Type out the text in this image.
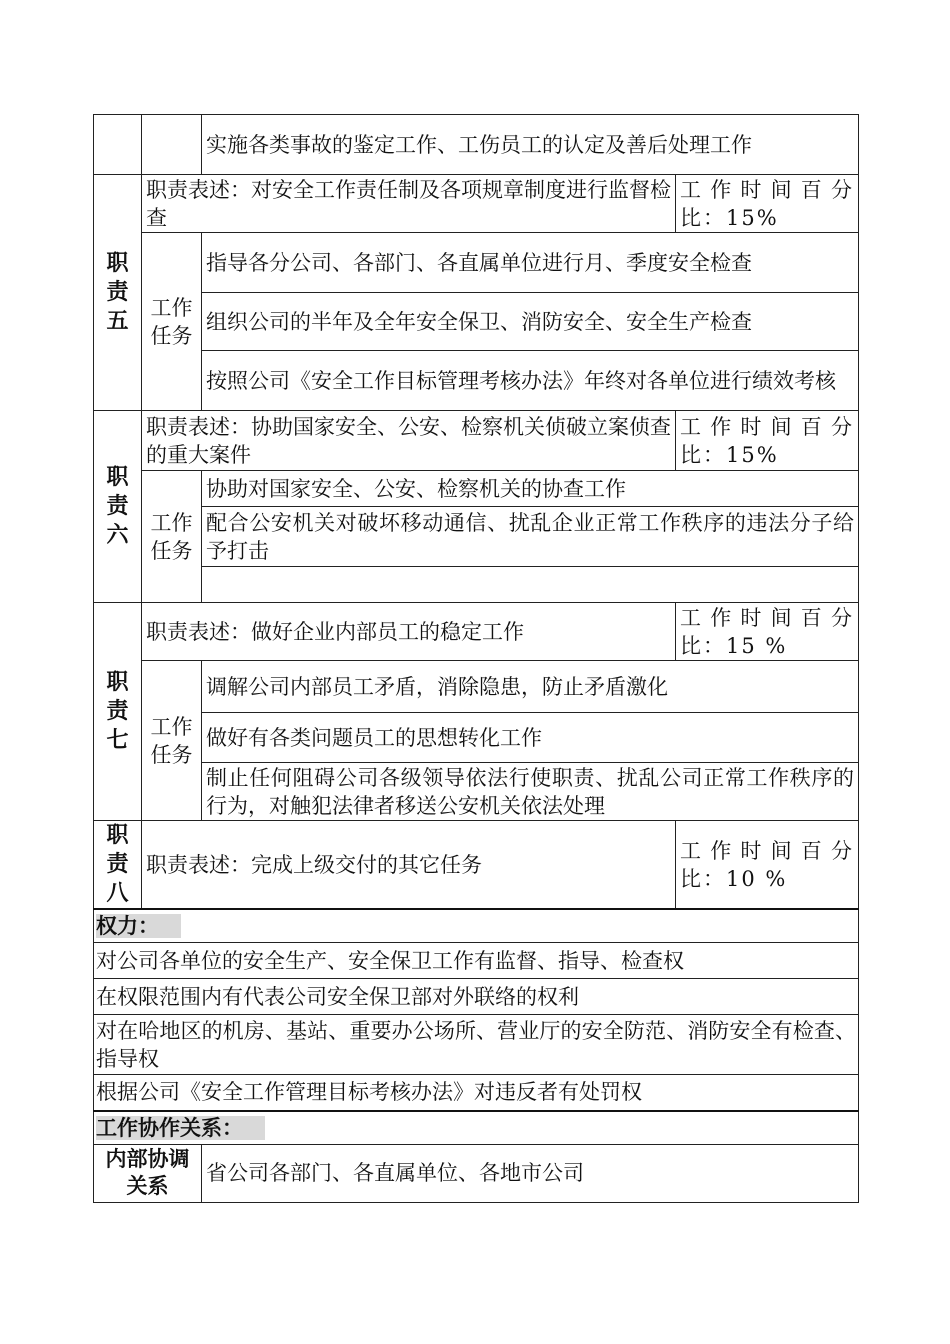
		实施各类事故的鉴定工作、工伤员工的认定及善后处理工作	

职
责
五	职责表述：对安全工作责任制及各项规章制度进行监督检查		工作时间百分比：15%

	工作
任务	指导各分公司、各部门、各直属单位进行月、季度安全检查	
		组织公司的半年及全年安全保卫、消防安全、安全生产检查	
		按照公司《安全工作目标管理考核办法》年终对各单位进行绩效考核	

职
责
六	职责表述：协助国家安全、公安、检察机关侦破立案侦查的重大案件		工作时间百分比：15%

	工作
任务	协助对国家安全、公安、检察机关的协查工作	
		配合公安机关对破坏移动通信、扰乱企业正常工作秩序的违法分子给予打击	

职
责
七	职责表述：做好企业内部员工的稳定工作		工作时间百分比：15 %

	工作
任务	调解公司内部员工矛盾，消除隐患，防止矛盾激化	
		做好有各类问题员工的思想转化工作	
		制止任何阻碍公司各级领导依法行使职责、扰乱公司正常工作秩序的行为，对触犯法律者移送公安机关依法处理	

职
责
八	职责表述：完成上级交付的其它任务		工作时间百分比：10 %
权力：			
对公司各单位的安全生产、安全保卫工作有监督、指导、检查权			
在权限范围内有代表公司安全保卫部对外联络的权利			
对在哈地区的机房、基站、重要办公场所、营业厅的安全防范、消防安全有检查、指导权			
根据公司《安全工作管理目标考核办法》对违反者有处罚权			
工作协作关系：			

内部协调
关系		省公司各部门、各直属单位、各地市公司	
